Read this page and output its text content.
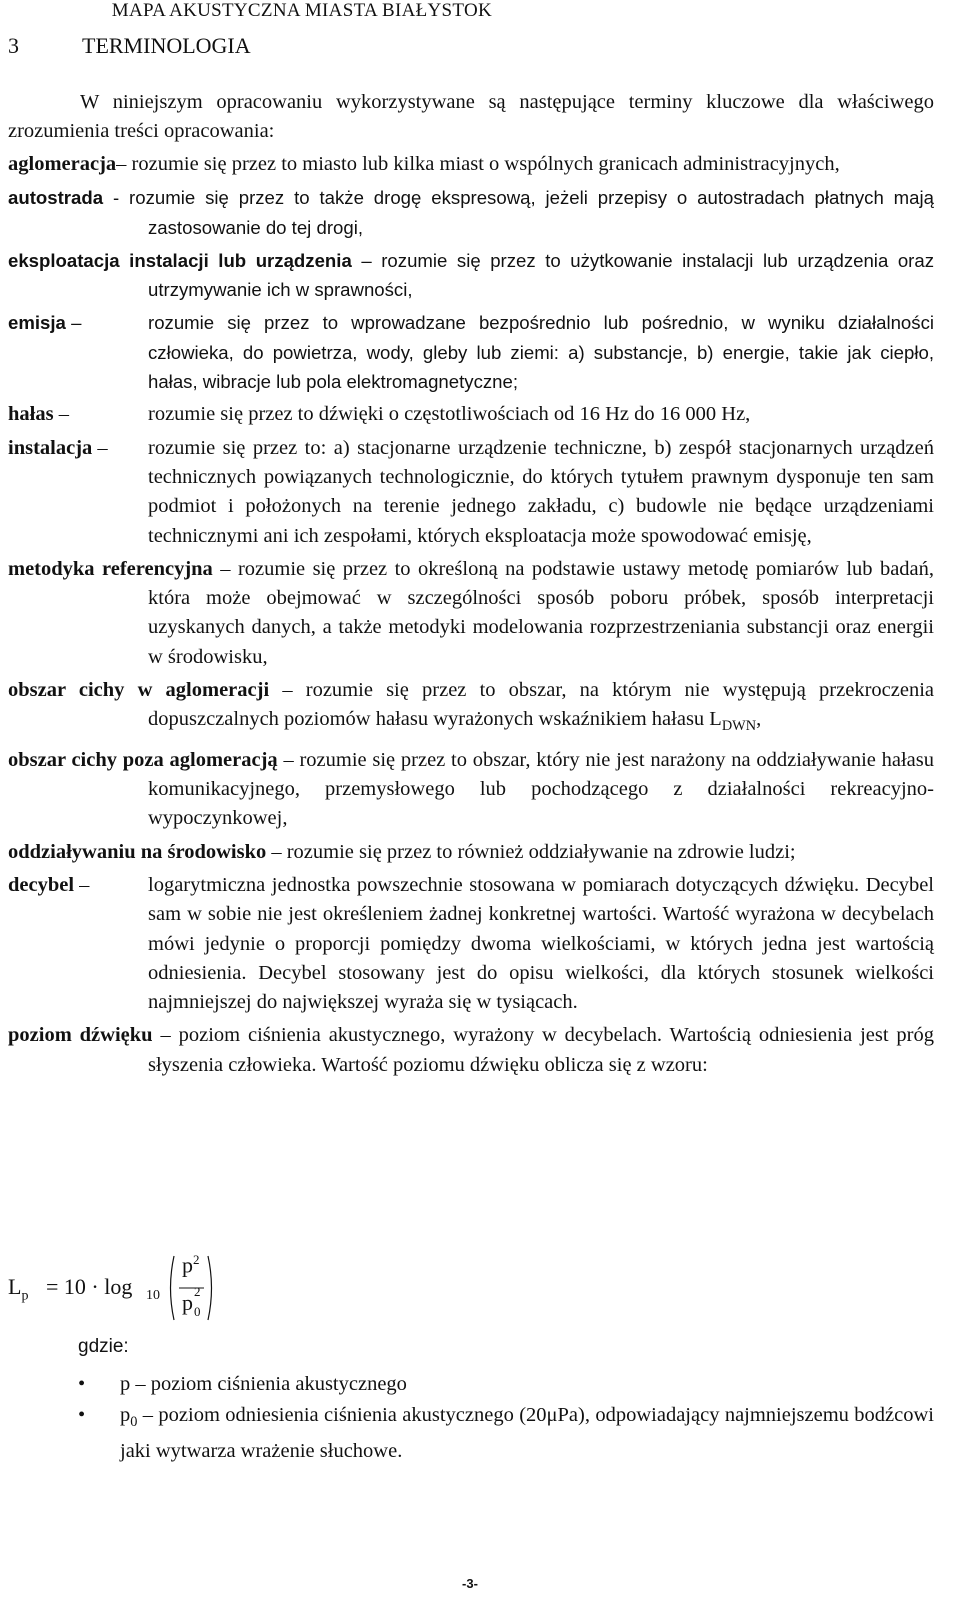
MAPA AKUSTYCZNA MIASTA BIAŁYSTOK
3	TERMINOLOGIA

W niniejszym opracowaniu wykorzystywane są następujące terminy kluczowe dla właściwego zrozumienia treści opracowania:

aglomeracja– rozumie się przez to miasto lub kilka miast o wspólnych granicach administracyjnych,

autostrada - rozumie się przez to także drogę ekspresową, jeżeli przepisy o autostradach płatnych mają zastosowanie do tej drogi,

eksploatacja instalacji lub urządzenia – rozumie się przez to użytkowanie instalacji lub urządzenia oraz utrzymywanie ich w sprawności,

emisja –	rozumie się przez to wprowadzane bezpośrednio lub pośrednio, w wyniku działalności człowieka, do powietrza, wody, gleby lub ziemi: a) substancje, b) energie, takie jak ciepło, hałas, wibracje lub pola elektromagnetyczne;

hałas –	rozumie się przez to dźwięki o częstotliwościach od 16 Hz do 16 000 Hz,

instalacja – rozumie się przez to: a) stacjonarne urządzenie techniczne, b) zespół stacjonarnych urządzeń technicznych powiązanych technologicznie, do których tytułem prawnym dysponuje ten sam podmiot i położonych na terenie jednego zakładu, c) budowle nie będące urządzeniami technicznymi ani ich zespołami, których eksploatacja może spowodować emisję,

metodyka referencyjna – rozumie się przez to określoną na podstawie ustawy metodę pomiarów lub badań, która może obejmować w szczególności sposób poboru próbek, sposób interpretacji uzyskanych danych, a także metodyki modelowania rozprzestrzeniania substancji oraz energii w środowisku,

obszar cichy w aglomeracji – rozumie się przez to obszar, na którym nie występują przekroczenia dopuszczalnych poziomów hałasu wyrażonych wskaźnikiem hałasu $L_{DWN}$,

obszar cichy poza aglomeracją – rozumie się przez to obszar, który nie jest narażony na oddziaływanie hałasu komunikacyjnego, przemysłowego lub pochodzącego z działalności rekreacyjno-wypoczynkowej,

oddziaływaniu na środowisko – rozumie się przez to również oddziaływanie na zdrowie ludzi;

decybel –	logarytmiczna jednostka powszechnie stosowana w pomiarach dotyczących dźwięku. Decybel sam w sobie nie jest określeniem żadnej konkretnej wartości. Wartość wyrażona w decybelach mówi jedynie o proporcji pomiędzy dwoma wielkościami, w których jedna jest wartością odniesienia. Decybel stosowany jest do opisu wielkości, dla których stosunek wielkości najmniejszej do największej wyraża się w tysiącach.

poziom dźwięku – poziom ciśnienia akustycznego, wyrażony w decybelach. Wartością odniesienia jest próg słyszenia człowieka. Wartość poziomu dźwięku oblicza się z wzoru:

$L_p = 10 \cdot \log 10$
$p^2$
p 2
0
gdzie:
• p – poziom ciśnienia akustycznego
• $p_0$ – poziom odniesienia ciśnienia akustycznego (20μPa), odpowiadający najmniejszemu bodźcowi jaki wytwarza wrażenie słuchowe.
-3-
